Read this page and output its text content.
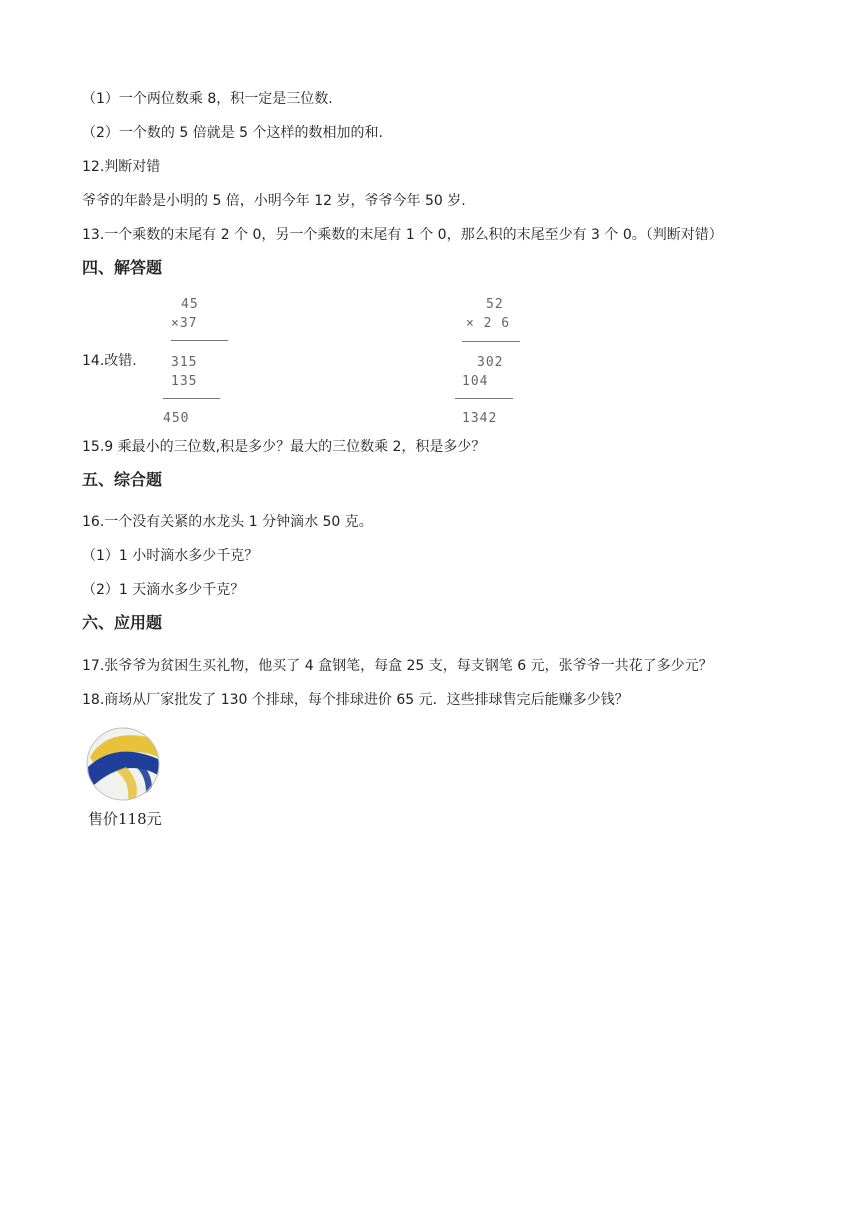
（1）一个两位数乘 8，积一定是三位数.
（2）一个数的 5 倍就是 5 个这样的数相加的和.
12.判断对错
爷爷的年龄是小明的 5 倍，小明今年 12 岁，爷爷今年 50 岁.
13.一个乘数的末尾有 2 个 0，另一个乘数的末尾有 1 个 0，那么积的末尾至少有 3 个 0。（判断对错）
四、解答题
14.改错.
45
×37
315
135
450
52
× 2 6
302
104
1342
15.9 乘最小的三位数,积是多少？最大的三位数乘 2，积是多少？
五、综合题
16.一个没有关紧的水龙头 1 分钟滴水 50 克。
（1）1 小时滴水多少千克？
（2）1 天滴水多少千克？
六、应用题
17.张爷爷为贫困生买礼物，他买了 4 盒钢笔，每盒 25 支，每支钢笔 6 元，张爷爷一共花了多少元？
18.商场从厂家批发了 130 个排球，每个排球进价 65 元．这些排球售完后能赚多少钱？
售价118元
